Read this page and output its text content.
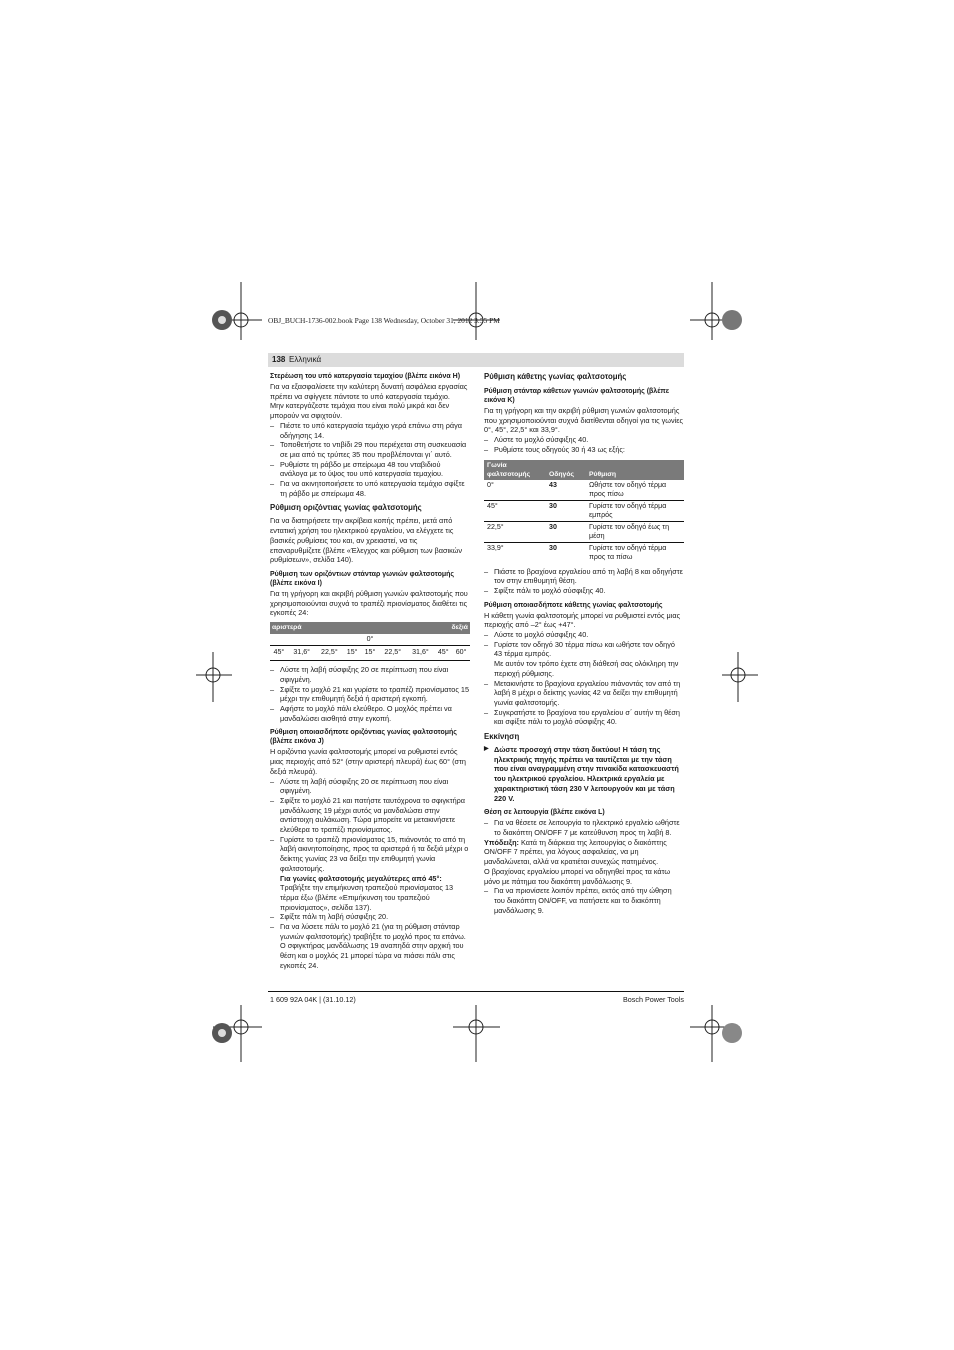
OBJ_BUCH-1736-002.book Page 138 Wednesday, October 31, 2012 3:55 PM
138 Ελληνικά
Στερέωση του υπό κατεργασία τεμαχίου (βλέπε εικόνα H)

Για να εξασφαλίσετε την καλύτερη δυνατή ασφάλεια εργασίας πρέπει να σφίγγετε πάντοτε το υπό κατεργασία τεμάχιο.

Μην κατεργάζεστε τεμάχια που είναι πολύ μικρά και δεν μπορούν να σφιχτούν.

– Πιέστε το υπό κατεργασία τεμάχιο γερά επάνω στη ράγα οδήγησης 14.

– Τοποθετήστε το ντιβίδι 29 που περιέχεται στη συσκευασία σε μια από τις τρύπες 35 που προβλέπονται γι΄ αυτό.

– Ρυθμίστε τη ράβδο με σπείρωμα 48 του νταβιδιού ανάλογα με το ύψος του υπό κατεργασία τεμαχίου.

– Για να ακινητοποιήσετε το υπό κατεργασία τεμάχιο σφίξτε τη ράβδο με σπείρωμα 48.

Ρύθμιση οριζόντιας γωνίας φαλτσοτομής

Για να διατηρήσετε την ακρίβεια κοπής πρέπει, μετά από εντατική χρήση του ηλεκτρικού εργαλείου, να ελέγχετε τις βασικές ρυθμίσεις του και, αν χρειαστεί, να τις επαναρυθμίζετε (βλέπε «Έλεγχος και ρύθμιση των βασικών ρυθμίσεων», σελίδα 140).

Ρύθμιση των οριζόντιων στάνταρ γωνιών φαλτσοτομής (βλέπε εικόνα I)

Για τη γρήγορη και ακριβή ρύθμιση γωνιών φαλτσοτομής που χρησιμοποιούνται συχνά το τραπέζι πριονίσματος διαθέτει τις εγκοπές 24:

αριστερά					δεξιά			
0°								
45°	31,6°	22,5°	15°	15°	22,5°	31,6°	45°	60°

– Λύστε τη λαβή σύσφιξης 20 σε περίπτωση που είναι σφιγμένη.

– Σφίξτε το μοχλό 21 και γυρίστε το τραπέζι πριονίσματος 15 μέχρι την επιθυμητή δεξιά ή αριστερή εγκοπή.

– Αφήστε το μοχλό πάλι ελεύθερο. Ο μοχλός πρέπει να μανδαλώσει αισθητά στην εγκοπή.

Ρύθμιση οποιασδήποτε οριζόντιας γωνίας φαλτσοτομής (βλέπε εικόνα J)

Η οριζόντια γωνία φαλτσοτομής μπορεί να ρυθμιστεί εντός μιας περιοχής από 52° (στην αριστερή πλευρά) έως 60° (στη δεξιά πλευρά).

– Λύστε τη λαβή σύσφιξης 20 σε περίπτωση που είναι σφιγμένη.

– Σφίξτε το μοχλό 21 και πατήστε ταυτόχρονα το σφιγκτήρα μανδάλωσης 19 μέχρι αυτός να μανδαλώσει στην αντίστοιχη αυλάκωση. Τώρα μπορείτε να μετακινήσετε ελεύθερα το τραπέζι πριονίσματος.

– Γυρίστε το τραπέζι πριονίσματος 15, πιάνοντάς το από τη λαβή ακινητοποίησης, προς τα αριστερά ή τα δεξιά μέχρι ο δείκτης γωνίας 23 να δείξει την επιθυμητή γωνία φαλτσοτομής.

Για γωνίες φαλτσοτομής μεγαλύτερες από 45°:

Τραβήξτε την επιμήκυνση τραπεζιού πριονίσματος 13 τέρμα έξω (βλέπε «Επιμήκυνση του τραπεζιού πριονίσματος», σελίδα 137).

– Σφίξτε πάλι τη λαβή σύσφιξης 20.

– Για να λύσετε πάλι το μοχλό 21 (για τη ρύθμιση στάνταρ γωνιών φαλτσοτομής) τραβήξτε το μοχλό προς τα επάνω.

Ο σφιγκτήρας μανδάλωσης 19 αναπηδά στην αρχική του θέση και ο μοχλός 21 μπορεί τώρα να πιάσει πάλι στις εγκοπές 24.

Ρύθμιση κάθετης γωνίας φαλτσοτομής
Ρύθμιση στάνταρ κάθετων γωνιών φαλτσοτομής (βλέπε εικόνα K)

Για τη γρήγορη και την ακριβή ρύθμιση γωνιών φαλτσοτομής που χρησιμοποιούνται συχνά διατίθενται οδηγοί για τις γωνίες 0°, 45°, 22,5° και 33,9°.

– Λύστε το μοχλό σύσφιξης 40.

– Ρυθμίστε τους οδηγούς 30 ή 43 ως εξής:

Γωνία φαλτσοτομής	Οδηγός	Ρύθμιση
0°	43	Ωθήστε τον οδηγό τέρμα προς πίσω
45°	30	Γυρίστε τον οδηγό τέρμα εμπρός
22,5°	30	Γυρίστε τον οδηγό έως τη μέση
33,9°	30	Γυρίστε τον οδηγό τέρμα προς τα πίσω

– Πιάστε το βραχίονα εργαλείου από τη λαβή 8 και οδηγήστε τον στην επιθυμητή θέση.

– Σφίξτε πάλι το μοχλό σύσφιξης 40.

Ρύθμιση οποιασδήποτε κάθετης γωνίας φαλτσοτομής

Η κάθετη γωνία φαλτσοτομής μπορεί να ρυθμιστεί εντός μιας περιοχής από –2° έως +47°.

– Λύστε το μοχλό σύσφιξης 40.

– Γυρίστε τον οδηγό 30 τέρμα πίσω και ωθήστε τον οδηγό 43 τέρμα εμπρός.

Με αυτόν τον τρόπο έχετε στη διάθεσή σας ολόκληρη την περιοχή ρύθμισης.

– Μετακινήστε το βραχίονα εργαλείου πιάνοντάς τον από τη λαβή 8 μέχρι ο δείκτης γωνίας 42 να δείξει την επιθυμητή γωνία φαλτσοτομής.

– Συγκρατήστε το βραχίονα του εργαλείου σ΄ αυτήν τη θέση και σφίξτε πάλι το μοχλό σύσφιξης 40.

Εκκίνηση

▶ Δώστε προσοχή στην τάση δικτύου! Η τάση της ηλεκτρικής πηγής πρέπει να ταυτίζεται με την τάση που είναι αναγραμμένη στην πινακίδα κατασκευαστή του ηλεκτρικού εργαλείου. Ηλεκτρικά εργαλεία με χαρακτηριστική τάση 230 V λειτουργούν και με τάση 220 V.

Θέση σε λειτουργία (βλέπε εικόνα L)

– Για να θέσετε σε λειτουργία το ηλεκτρικό εργαλείο ωθήστε το διακόπτη ON/OFF 7 με κατεύθυνση προς τη λαβή 8.

Υπόδειξη: Κατά τη διάρκεια της λειτουργίας ο διακόπτης ON/OFF 7 πρέπει, για λόγους ασφαλείας, να μη μανδαλώνεται, αλλά να κρατιέται συνεχώς πατημένος.

Ο βραχίονας εργαλείου μπορεί να οδηγηθεί προς τα κάτω μόνο με πάτημα του διακόπτη μανδάλωσης 9.

– Για να πριονίσετε λοιπόν πρέπει, εκτός από την ώθηση του διακόπτη ON/OFF, να πατήσετε και το διακόπτη μανδάλωσης 9.

1 609 92A 04K | (31.10.12)	Bosch Power Tools
